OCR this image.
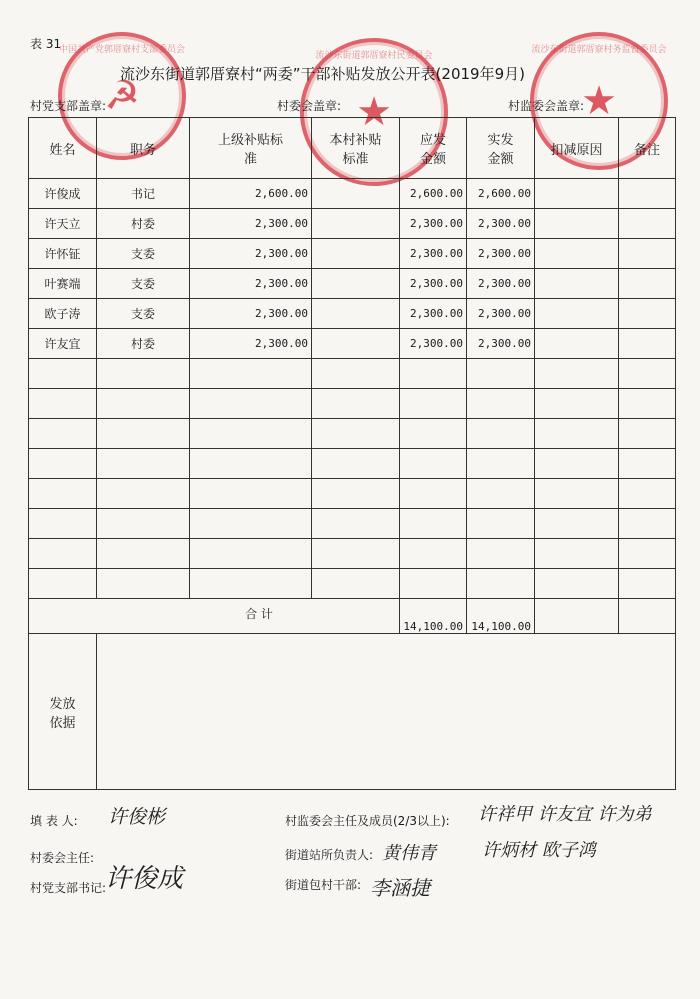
表 31
中国共产党郭厝寮村支部委员会
☭
流沙东街道郭厝寮村民委员会
★
流沙东街道郭厝寮村务监督委员会
★
流沙东街道郭厝寮村“两委”干部补贴发放公开表(2019年9月)
村党支部盖章:	村委会盖章:	村监委会盖章:
姓名	职务	上级补贴标准	本村补贴标准	应发金额	实发金额	扣减原因	备注
许俊成	书记	2,600.00		2,600.00	2,600.00		
许天立	村委	2,300.00		2,300.00	2,300.00		
许怀钲	支委	2,300.00		2,300.00	2,300.00		
叶赛端	支委	2,300.00		2,300.00	2,300.00		
欧子涛	支委	2,300.00		2,300.00	2,300.00		
许友宜	村委	2,300.00		2,300.00	2,300.00		

合 计				14,100.00	14,100.00		
发放依据							
填 表 人: 许俊彬
村委会主任:
村党支部书记:
许俊成
村监委会主任及成员(2/3以上): 许祥甲 许友宜 许为弟
许炳材 欧子鸿
街道站所负责人: 黄伟青
街道包村干部: 李涵捷
